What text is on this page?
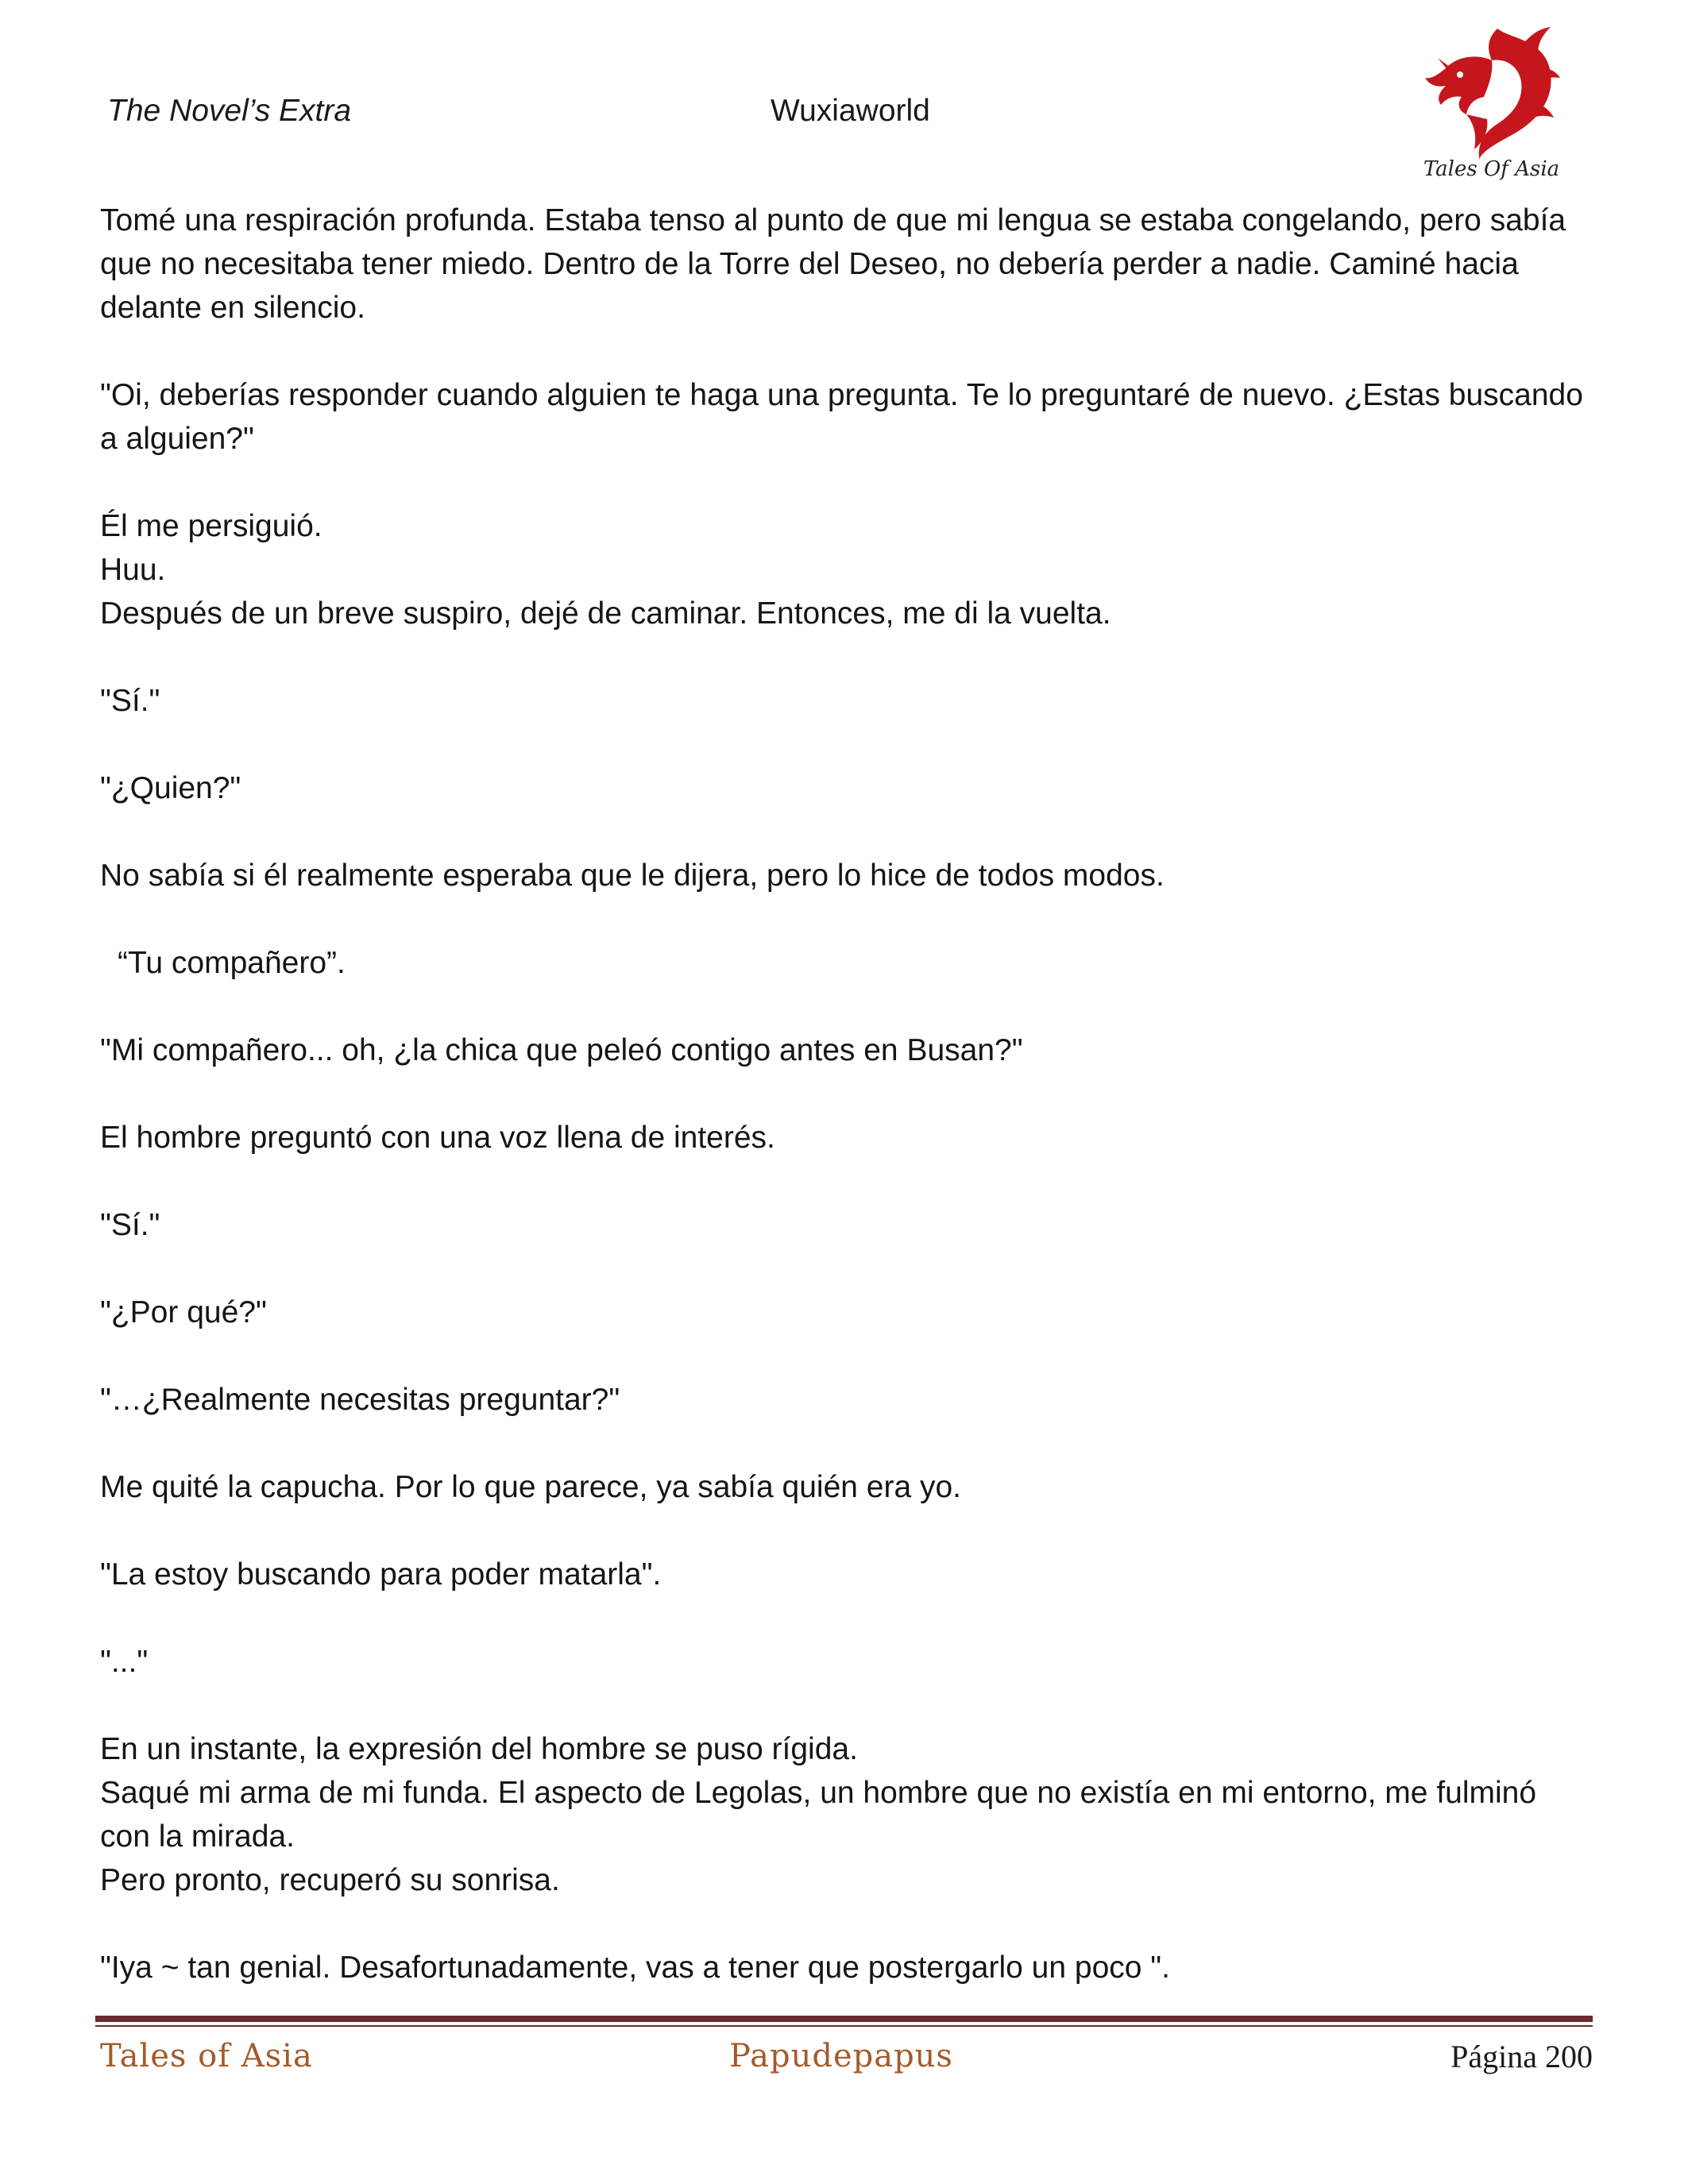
The Novel’s Extra	Wuxiaworld
Tales Of Asia

Tomé una respiración profunda. Estaba tenso al punto de que mi lengua se estaba congelando, pero sabía que no necesitaba tener miedo. Dentro de la Torre del Deseo, no debería perder a nadie. Caminé hacia delante en silencio.

"Oi, deberías responder cuando alguien te haga una pregunta. Te lo preguntaré de nuevo. ¿Estas buscando a alguien?"

Él me persiguió.

Huu.

Después de un breve suspiro, dejé de caminar. Entonces, me di la vuelta.

"Sí."

"¿Quien?"

No sabía si él realmente esperaba que le dijera, pero lo hice de todos modos.

“Tu compañero”.

"Mi compañero... oh, ¿la chica que peleó contigo antes en Busan?"

El hombre preguntó con una voz llena de interés.

"Sí."

"¿Por qué?"

"…¿Realmente necesitas preguntar?"

Me quité la capucha. Por lo que parece, ya sabía quién era yo.

"La estoy buscando para poder matarla".

"..."

En un instante, la expresión del hombre se puso rígida.

Saqué mi arma de mi funda. El aspecto de Legolas, un hombre que no existía en mi entorno, me fulminó con la mirada.

Pero pronto, recuperó su sonrisa.

"Iya ~ tan genial. Desafortunadamente, vas a tener que postergarlo un poco ".

Tales of Asia	Papudepapus	Página 200
